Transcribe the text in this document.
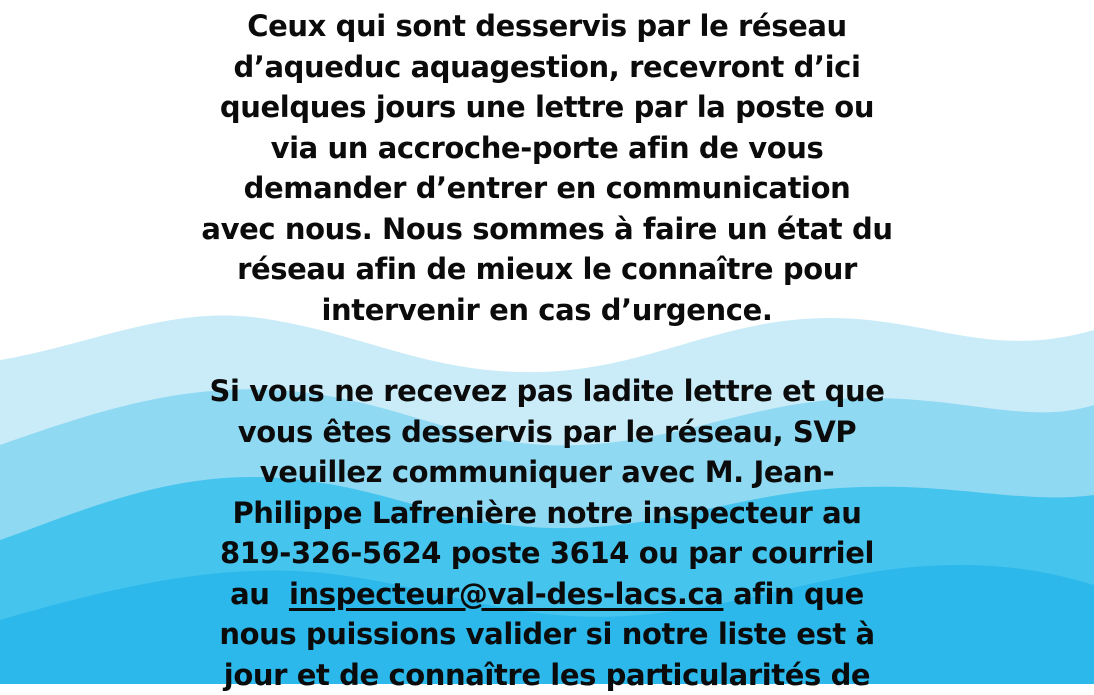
Ceux qui sont desservis par le réseau
d’aqueduc aquagestion, recevront d’ici
quelques jours une lettre par la poste ou
via un accroche-porte afin de vous
demander d’entrer en communication
avec nous. Nous sommes à faire un état du
réseau afin de mieux le connaître pour
intervenir en cas d’urgence.
Si vous ne recevez pas ladite lettre et que
vous êtes desservis par le réseau, SVP
veuillez communiquer avec M. Jean-
Philippe Lafrenière notre inspecteur au
819-326-5624 poste 3614 ou par courriel
au  inspecteur@val-des-lacs.ca afin que
nous puissions valider si notre liste est à
jour et de connaître les particularités de
